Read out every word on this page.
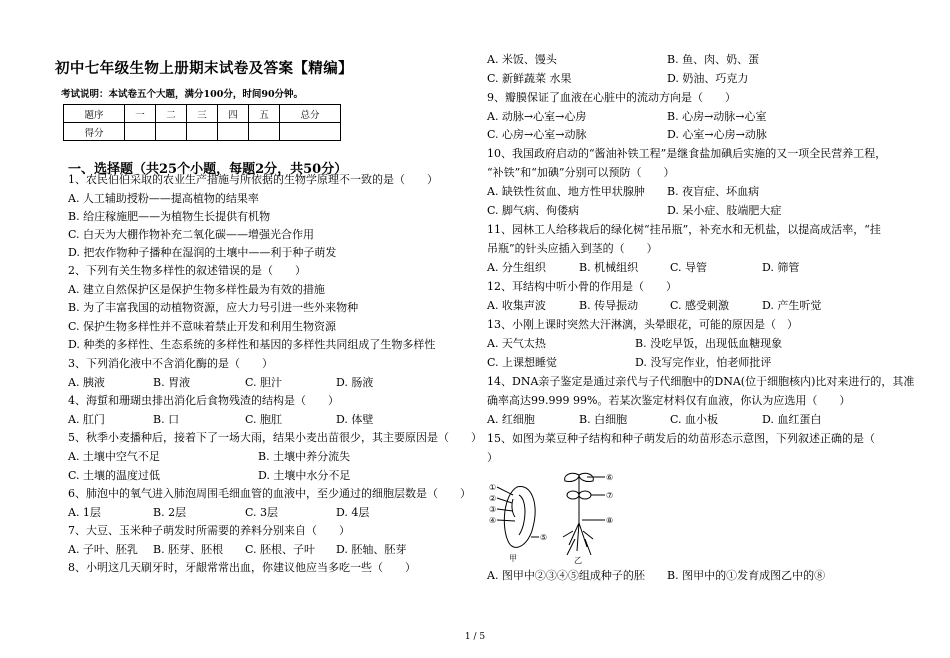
初中七年级生物上册期末试卷及答案【精编】
考试说明：本试卷五个大题，满分100分，时间90分钟。
题序	一	二	三	四	五	总分
得分						
一、选择题（共25个小题，每题2分，共50分）
1、农民伯伯采取的农业生产措施与所依据的生物学原理不一致的是（　　）
A. 人工辅助授粉——提高植物的结果率
B. 给庄稼施肥——为植物生长提供有机物
C. 白天为大棚作物补充二氧化碳——增强光合作用
D. 把农作物种子播种在湿润的土壤中——利于种子萌发
2、下列有关生物多样性的叙述错误的是（　　）
A. 建立自然保护区是保护生物多样性最为有效的措施
B. 为了丰富我国的动植物资源，应大力号引进一些外来物种
C. 保护生物多样性并不意味着禁止开发和利用生物资源
D. 种类的多样性、生态系统的多样性和基因的多样性共同组成了生物多样性
3、下列消化液中不含消化酶的是（　　）
A. 胰液	B. 胃液	C. 胆汁	D. 肠液
4、海蜇和珊瑚虫排出消化后食物残渣的结构是（　　）
A. 肛门	B. 口	C. 胞肛	D. 体壁
5、秋季小麦播种后，接着下了一场大雨，结果小麦出苗很少，其主要原因是（　　）
A. 土壤中空气不足	B. 土壤中养分流失
C. 土壤的温度过低	D. 土壤中水分不足
6、肺泡中的氧气进入肺泡周围毛细血管的血液中，至少通过的细胞层数是（　　）
A. 1层	B. 2层	C. 3层	D. 4层
7、大豆、玉米种子萌发时所需要的养料分别来自（　　）
A. 子叶、胚乳 B. 胚芽、胚根 C. 胚根、子叶 D. 胚轴、胚芽
8、小明这几天刷牙时，牙龈常常出血，你建议他应当多吃一些（　　）
A. 米饭、馒头	B. 鱼、肉、奶、蛋
C. 新鲜蔬菜 水果	D. 奶油、巧克力
9、瓣膜保证了血液在心脏中的流动方向是（　　）
A. 动脉→心室→心房	B. 心房→动脉→心室
C. 心房→心室→动脉	D. 心室→心房→动脉
10、我国政府启动的“酱油补铁工程”是继食盐加碘后实施的又一项全民营养工程，
“补铁”和“加碘”分别可以预防（　　）
A. 缺铁性贫血、地方性甲状腺肿 B. 夜盲症、坏血病
C. 脚气病、佝偻病	D. 呆小症、肢端肥大症
11、园林工人给移栽后的绿化树“挂吊瓶”，补充水和无机盐，以提高成活率，“挂
吊瓶”的针头应插入到茎的（　　）
A. 分生组织	B. 机械组织	C. 导管	D. 筛管
12、耳结构中听小骨的作用是（　　）
A. 收集声波	B. 传导振动	C. 感受刺激	D. 产生听觉
13、小刚上课时突然大汗淋漓，头晕眼花，可能的原因是（　）
A. 天气太热	B. 没吃早饭，出现低血糖现象
C. 上课想睡觉	D. 没写完作业，怕老师批评
14、DNA亲子鉴定是通过亲代与子代细胞中的DNA(位于细胞核内)比对来进行的，其准
确率高达99.999 99%。若某次鉴定材料仅有血液，你认为应选用（　　）
A. 红细胞	B. 白细胞	C. 血小板	D. 血红蛋白
15、如图为菜豆种子结构和种子萌发后的幼苗形态示意图，下列叙述正确的是（
）
A. 图甲中②③④⑤组成种子的胚 B. 图甲中的①发育成图乙中的⑧
①
②
③
④
⑤
甲
⑥
⑦
⑧
乙
1 / 5
